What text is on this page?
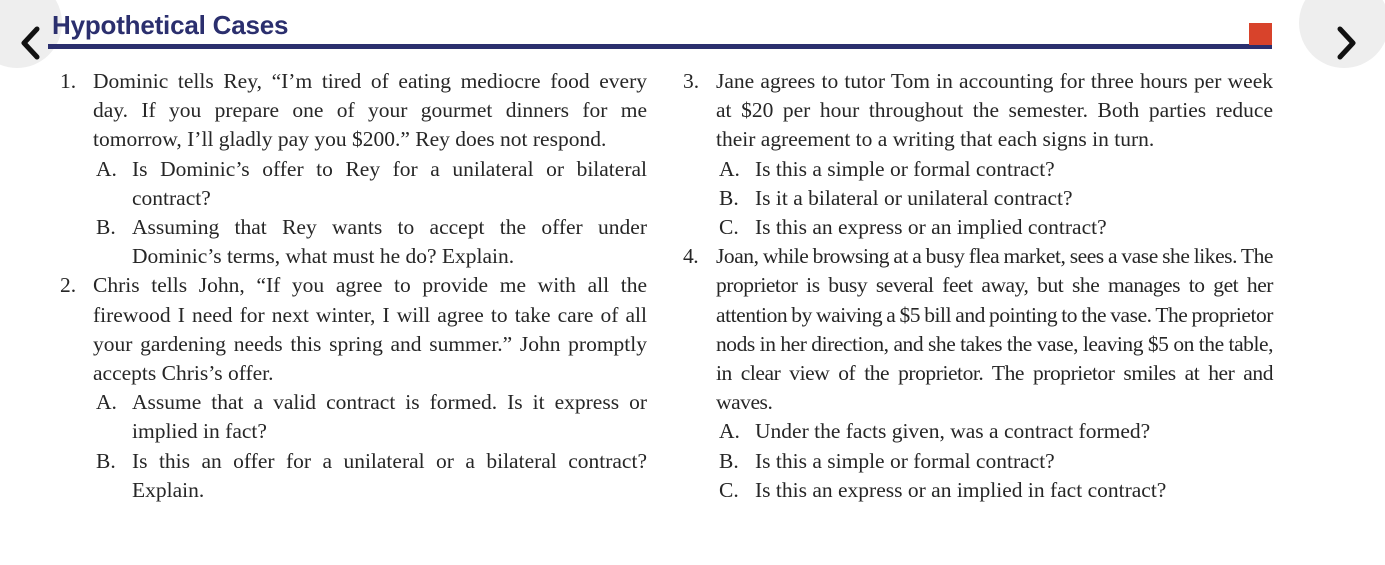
Hypothetical Cases
1. Dominic tells Rey, “I’m tired of eating mediocre food every day. If you prepare one of your gourmet dinners for me tomorrow, I’ll gladly pay you $200.” Rey does not respond.
A. Is Dominic’s offer to Rey for a unilateral or bilateral contract?
B. Assuming that Rey wants to accept the offer under Dominic’s terms, what must he do? Explain.
2. Chris tells John, “If you agree to provide me with all the firewood I need for next winter, I will agree to take care of all your gardening needs this spring and summer.” John promptly accepts Chris’s offer.
A. Assume that a valid contract is formed. Is it express or implied in fact?
B. Is this an offer for a unilateral or a bilateral contract? Explain.
3. Jane agrees to tutor Tom in accounting for three hours per week at $20 per hour throughout the semester. Both parties reduce their agreement to a writing that each signs in turn.
A. Is this a simple or formal contract?
B. Is it a bilateral or unilateral contract?
C. Is this an express or an implied contract?
4. Joan, while browsing at a busy flea market, sees a vase she likes. The proprietor is busy several feet away, but she manages to get her attention by waiving a $5 bill and pointing to the vase. The proprietor nods in her direction, and she takes the vase, leaving $5 on the table, in clear view of the proprietor. The proprietor smiles at her and waves.
A. Under the facts given, was a contract formed?
B. Is this a simple or formal contract?
C. Is this an express or an implied in fact contract?
